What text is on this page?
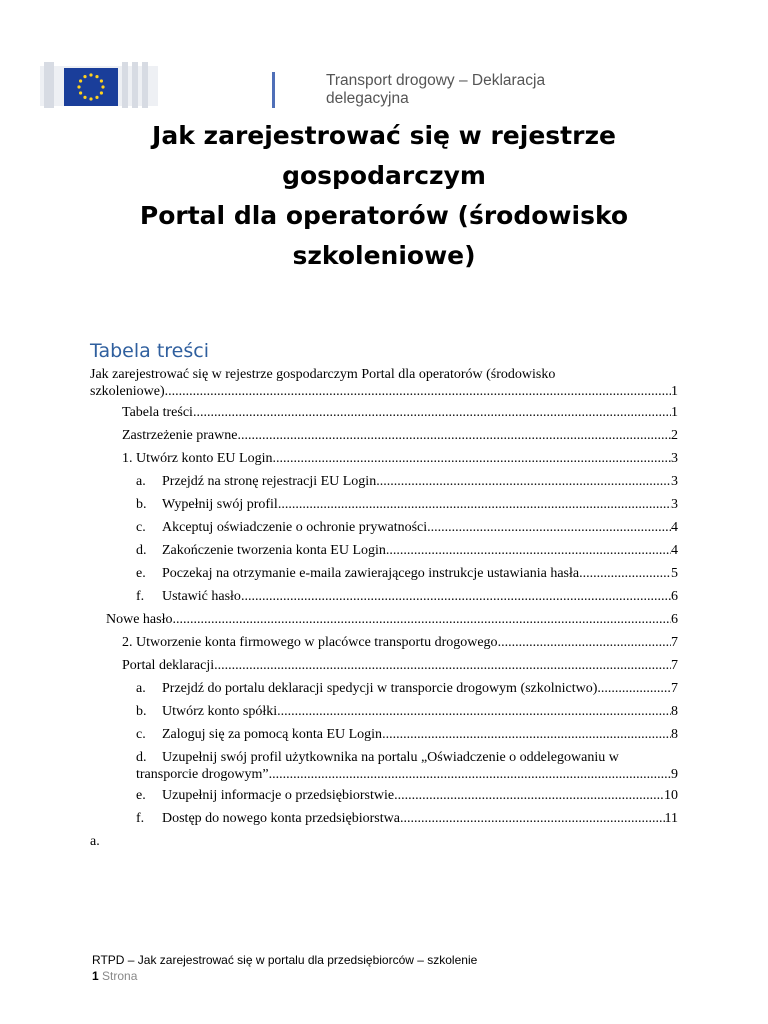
Transport drogowy – Deklaracja delegacyjna
Jak zarejestrować się w rejestrze gospodarczym
Portal dla operatorów (środowisko szkoleniowe)
Tabela treści
Jak zarejestrować się w rejestrze gospodarczym Portal dla operatorów (środowisko
szkoleniowe) .....	1
Tabela treści .....	1
Zastrzeżenie prawne .....	2
1. Utwórz konto EU Login .....	3
a.	Przejdź na stronę rejestracji EU Login .....	3
b.	Wypełnij swój profil .....	3
c.	Akceptuj oświadczenie o ochronie prywatności .....	4
d.	Zakończenie tworzenia konta EU Login .....	4
e.	Poczekaj na otrzymanie e-maila zawierającego instrukcje ustawiania hasła .....	5
f.	Ustawić hasło .....	6
Nowe hasło .....	6
2. Utworzenie konta firmowego w placówce transportu drogowego .....	7
Portal deklaracji .....	7
a.	Przejdź do portalu deklaracji spedycji w transporcie drogowym (szkolnictwo) .....	7
b.	Utwórz konto spółki .....	8
c.	Zaloguj się za pomocą konta EU Login .....	8
d.	Uzupełnij swój profil użytkownika na portalu „Oświadczenie o oddelegowaniu w
transporcie drogowym” .....	9
e.	Uzupełnij informacje o przedsiębiorstwie .....	10
f.	Dostęp do nowego konta przedsiębiorstwa .....	11
a.
RTPD – Jak zarejestrować się w portalu dla przedsiębiorców – szkolenie
1 Strona
